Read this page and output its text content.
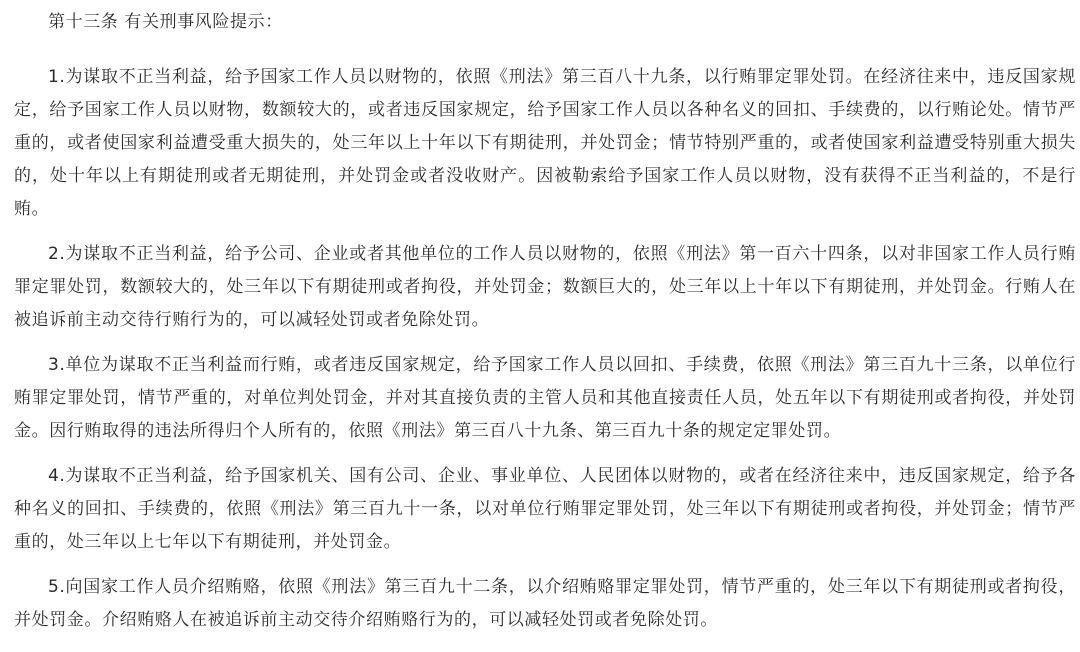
第十三条 有关刑事风险提示：

1.为谋取不正当利益，给予国家工作人员以财物的，依照《刑法》第三百八十九条，以行贿罪定罪处罚。在经济往来中，违反国家规定，给予国家工作人员以财物，数额较大的，或者违反国家规定，给予国家工作人员以各种名义的回扣、手续费的，以行贿论处。情节严重的，或者使国家利益遭受重大损失的，处三年以上十年以下有期徒刑，并处罚金；情节特别严重的，或者使国家利益遭受特别重大损失的，处十年以上有期徒刑或者无期徒刑，并处罚金或者没收财产。因被勒索给予国家工作人员以财物，没有获得不正当利益的，不是行贿。

2.为谋取不正当利益，给予公司、企业或者其他单位的工作人员以财物的，依照《刑法》第一百六十四条，以对非国家工作人员行贿罪定罪处罚，数额较大的，处三年以下有期徒刑或者拘役，并处罚金；数额巨大的，处三年以上十年以下有期徒刑，并处罚金。行贿人在被追诉前主动交待行贿行为的，可以减轻处罚或者免除处罚。

3.单位为谋取不正当利益而行贿，或者违反国家规定，给予国家工作人员以回扣、手续费，依照《刑法》第三百九十三条，以单位行贿罪定罪处罚，情节严重的，对单位判处罚金，并对其直接负责的主管人员和其他直接责任人员，处五年以下有期徒刑或者拘役，并处罚金。因行贿取得的违法所得归个人所有的，依照《刑法》第三百八十九条、第三百九十条的规定定罪处罚。

4.为谋取不正当利益，给予国家机关、国有公司、企业、事业单位、人民团体以财物的，或者在经济往来中，违反国家规定，给予各种名义的回扣、手续费的，依照《刑法》第三百九十一条，以对单位行贿罪定罪处罚，处三年以下有期徒刑或者拘役，并处罚金；情节严重的，处三年以上七年以下有期徒刑，并处罚金。

5.向国家工作人员介绍贿赂，依照《刑法》第三百九十二条，以介绍贿赂罪定罪处罚，情节严重的，处三年以下有期徒刑或者拘役，并处罚金。介绍贿赂人在被追诉前主动交待介绍贿赂行为的，可以减轻处罚或者免除处罚。
